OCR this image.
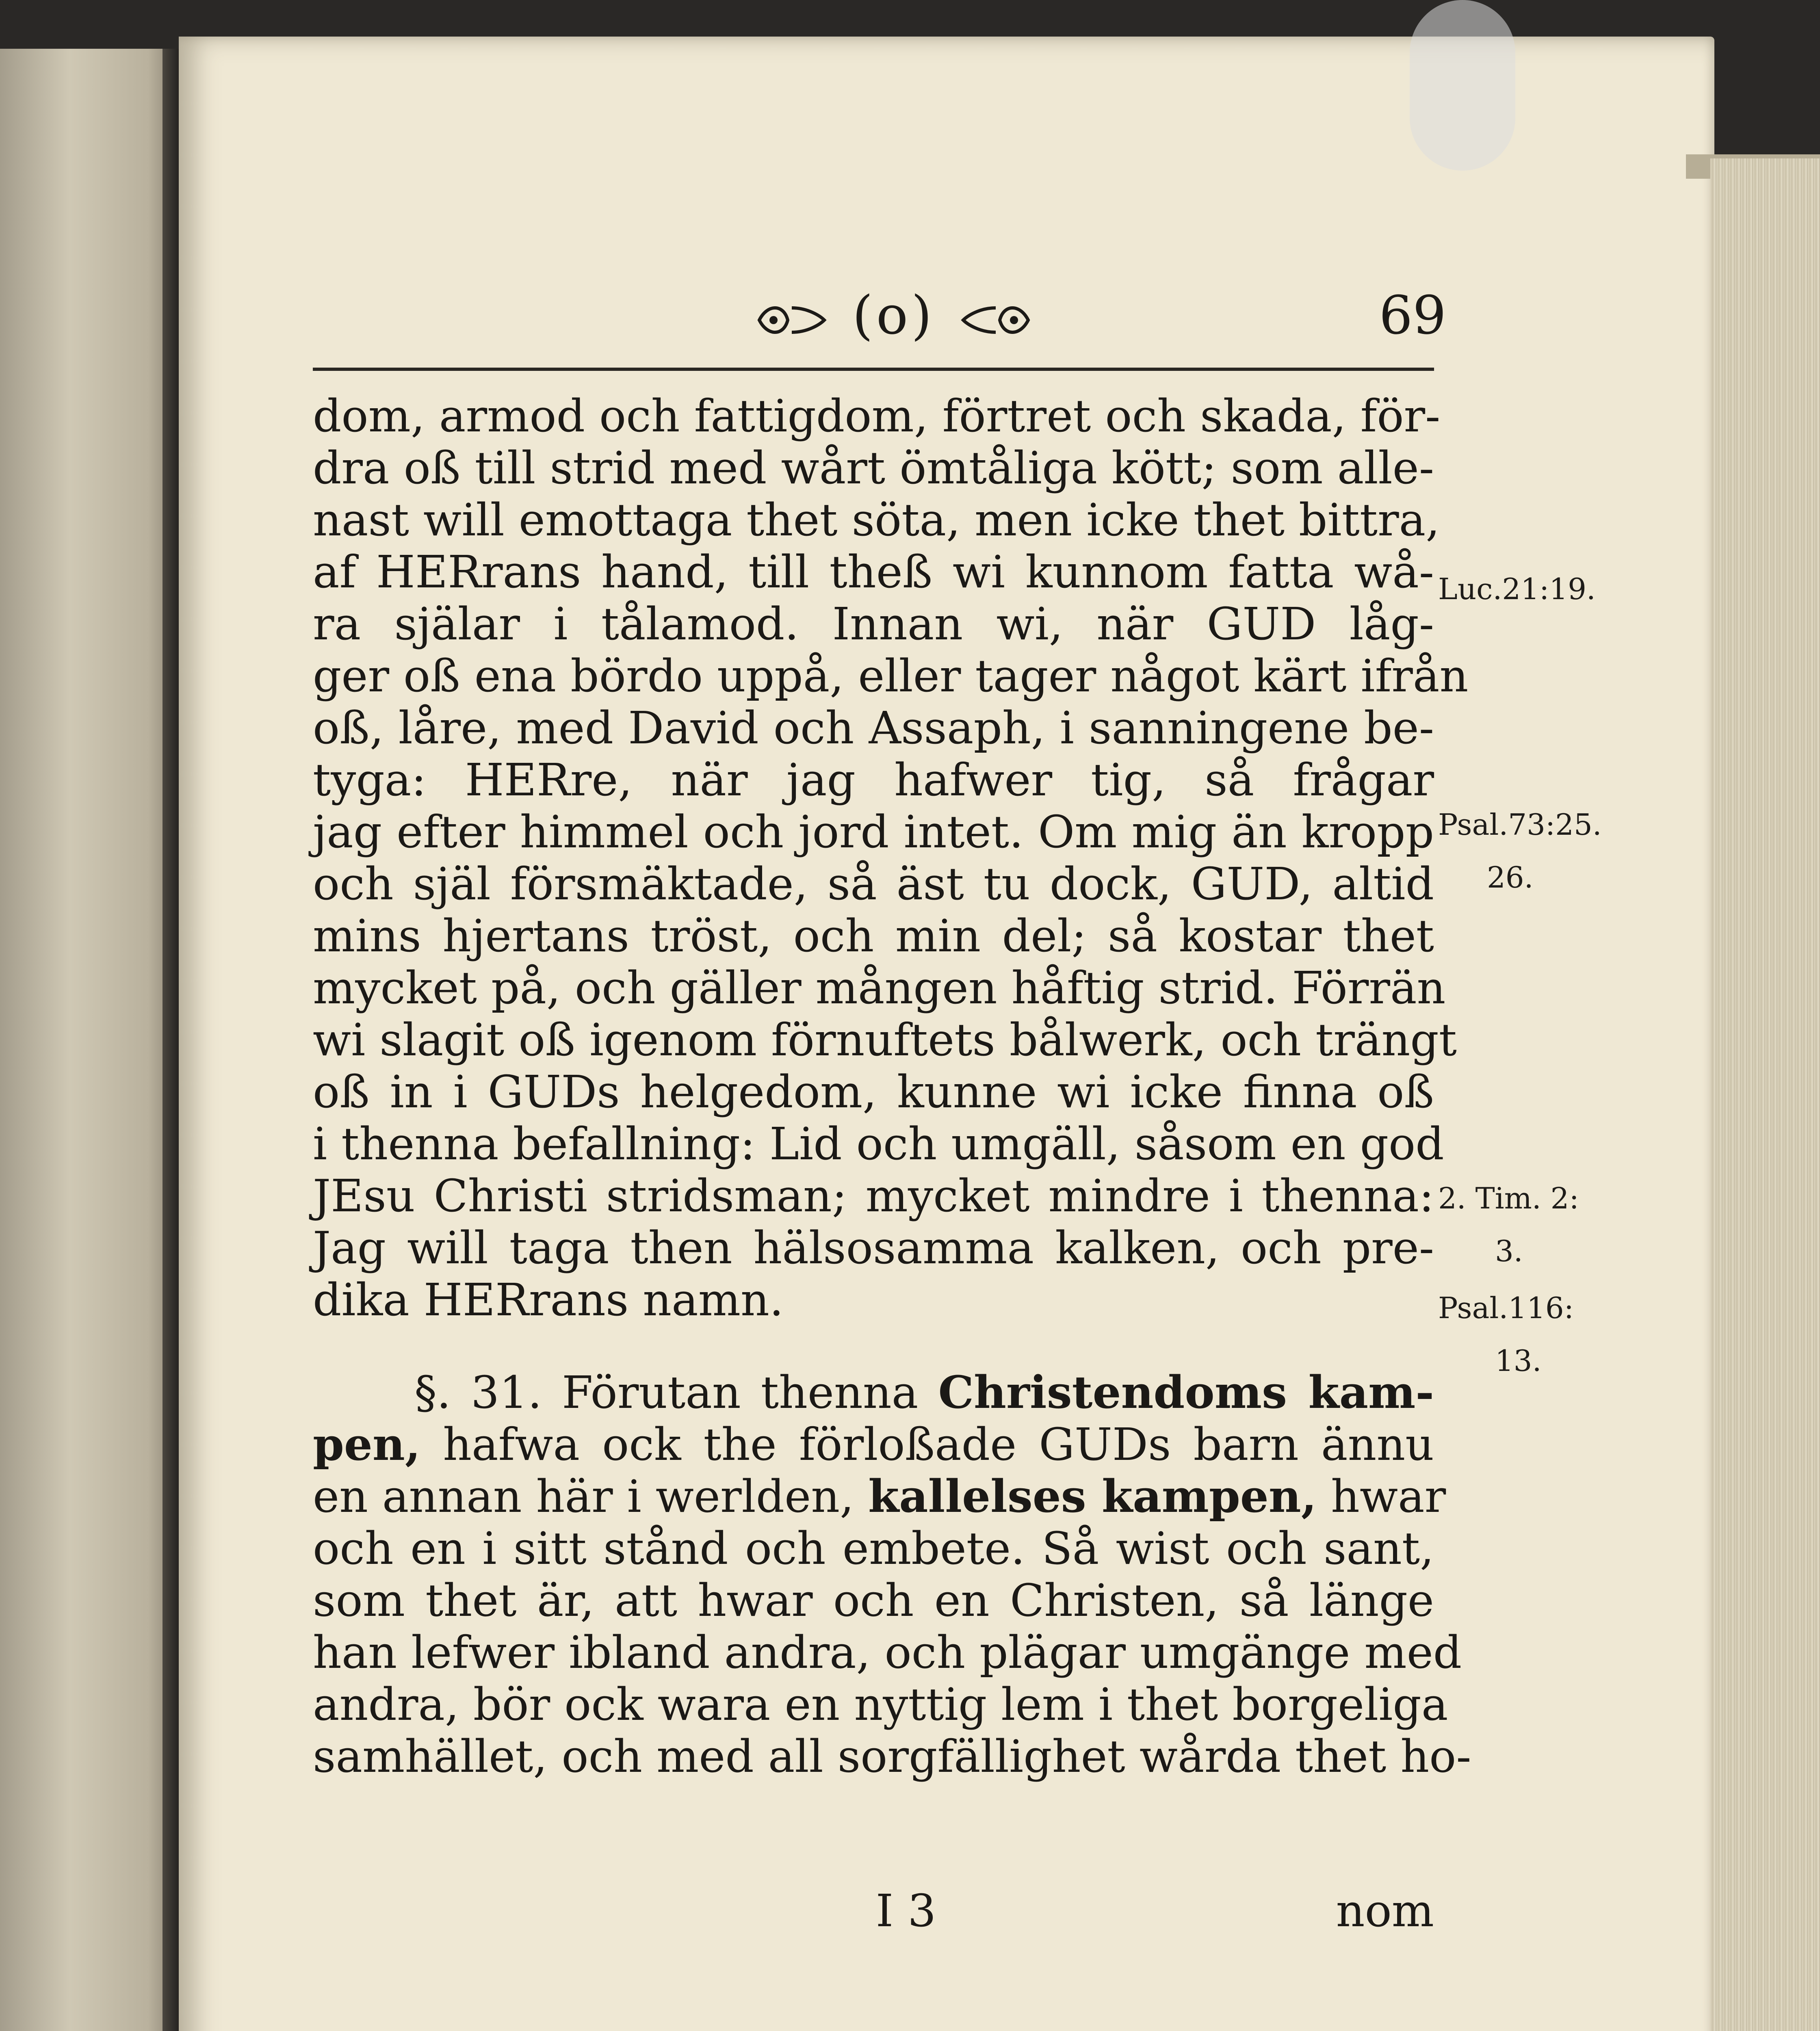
(o)	69
dom, armod och fattigdom, förtret och skada, för-
dra oß till strid med wårt ömtåliga kött; som alle-
nast will emottaga thet söta, men icke thet bittra,
af HERrans hand, till theß wi kunnom fatta wå-
ra själar i tålamod. Innan wi, när GUD låg-
ger oß ena bördo uppå, eller tager något kärt ifrån
oß, låre, med David och Assaph, i sanningene be-
tyga: HERre, när jag hafwer tig, så frågar
jag efter himmel och jord intet. Om mig än kropp
och själ försmäktade, så äst tu dock, GUD, altid
mins hjertans tröst, och min del; så kostar thet
mycket på, och gäller mången håftig strid. Förrän
wi slagit oß igenom förnuftets bålwerk, och trängt
oß in i GUDs helgedom, kunne wi icke finna oß
i thenna befallning: Lid och umgäll, såsom en god
JEsu Christi stridsman; mycket mindre i thenna:
Jag will taga then hälsosamma kalken, och pre-
dika HERrans namn.
§. 31. Förutan thenna Christendoms kam-
pen, hafwa ock the förloßade GUDs barn ännu
en annan här i werlden, kallelses kampen, hwar
och en i sitt stånd och embete. Så wist och sant,
som thet är, att hwar och en Christen, så länge
han lefwer ibland andra, och plägar umgänge med
andra, bör ock wara en nyttig lem i thet borgeliga
samhället, och med all sorgfällighet wårda thet ho-
Luc.21:19.
Psal.73:25.
26.
2. Tim. 2:
3.
Psal.116:
13.
I 3	nom
